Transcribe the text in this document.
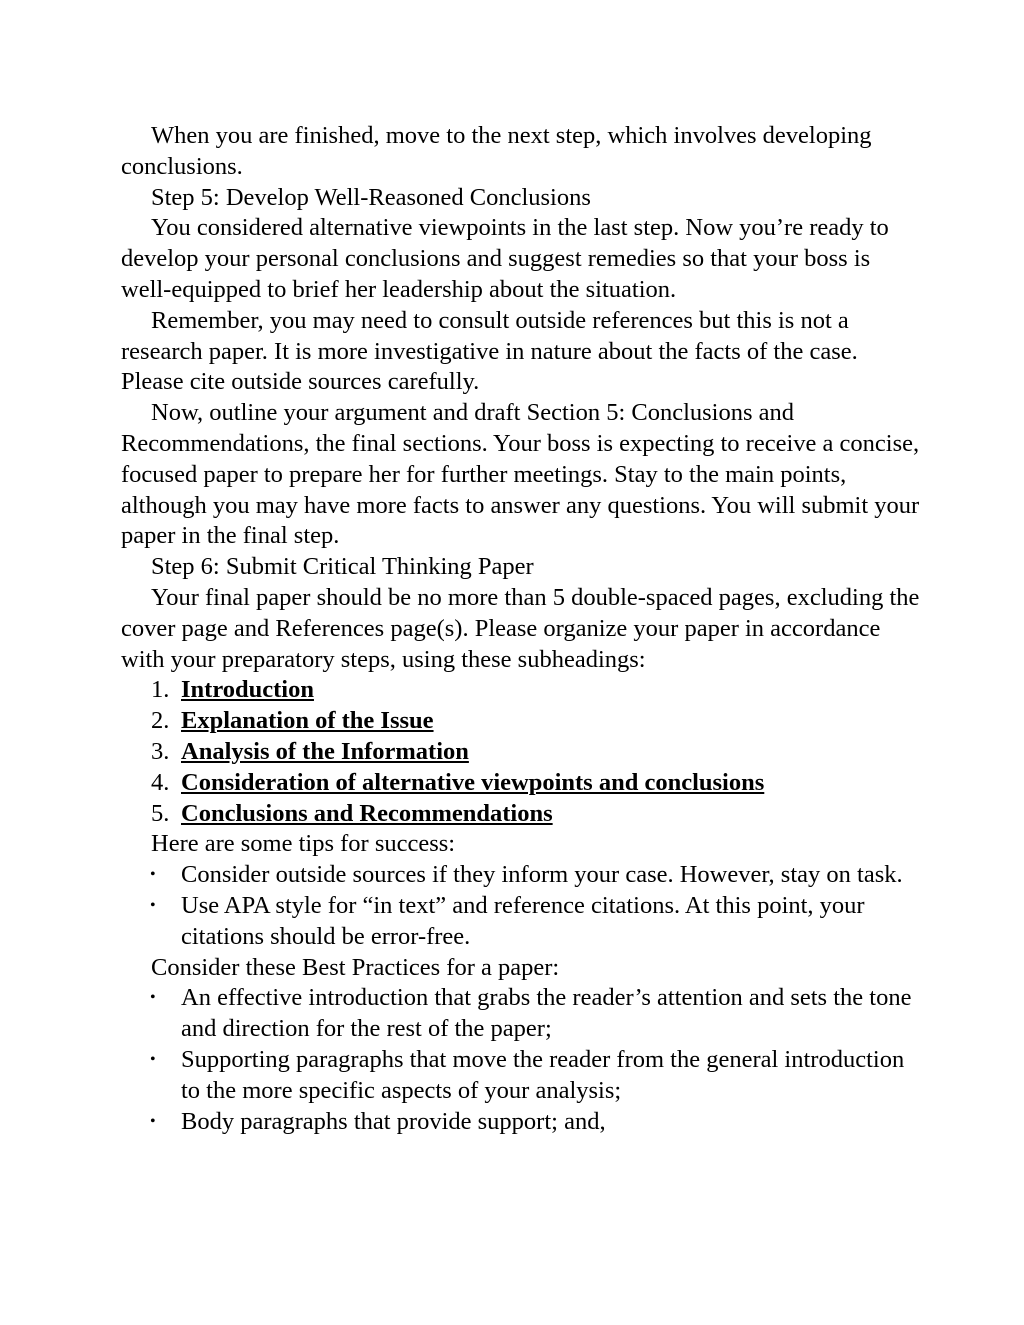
When you are finished, move to the next step, which involves developing conclusions.

Step 5: Develop Well-Reasoned Conclusions

You considered alternative viewpoints in the last step. Now you’re ready to develop your personal conclusions and suggest remedies so that your boss is well-equipped to brief her leadership about the situation.

Remember, you may need to consult outside references but this is not a research paper. It is more investigative in nature about the facts of the case. Please cite outside sources carefully.

Now, outline your argument and draft Section 5: Conclusions and Recommendations, the final sections. Your boss is expecting to receive a concise, focused paper to prepare her for further meetings. Stay to the main points, although you may have more facts to answer any questions. You will submit your paper in the final step.

Step 6: Submit Critical Thinking Paper

Your final paper should be no more than 5 double-spaced pages, excluding the cover page and References page(s). Please organize your paper in accordance with your preparatory steps, using these subheadings:

1. Introduction
2. Explanation of the Issue
3. Analysis of the Information
4. Consideration of alternative viewpoints and conclusions
5. Conclusions and Recommendations

Here are some tips for success:

• Consider outside sources if they inform your case. However, stay on task.
• Use APA style for “in text” and reference citations. At this point, your citations should be error-free.

Consider these Best Practices for a paper:

• An effective introduction that grabs the reader’s attention and sets the tone and direction for the rest of the paper;
• Supporting paragraphs that move the reader from the general introduction to the more specific aspects of your analysis;
• Body paragraphs that provide support; and,
